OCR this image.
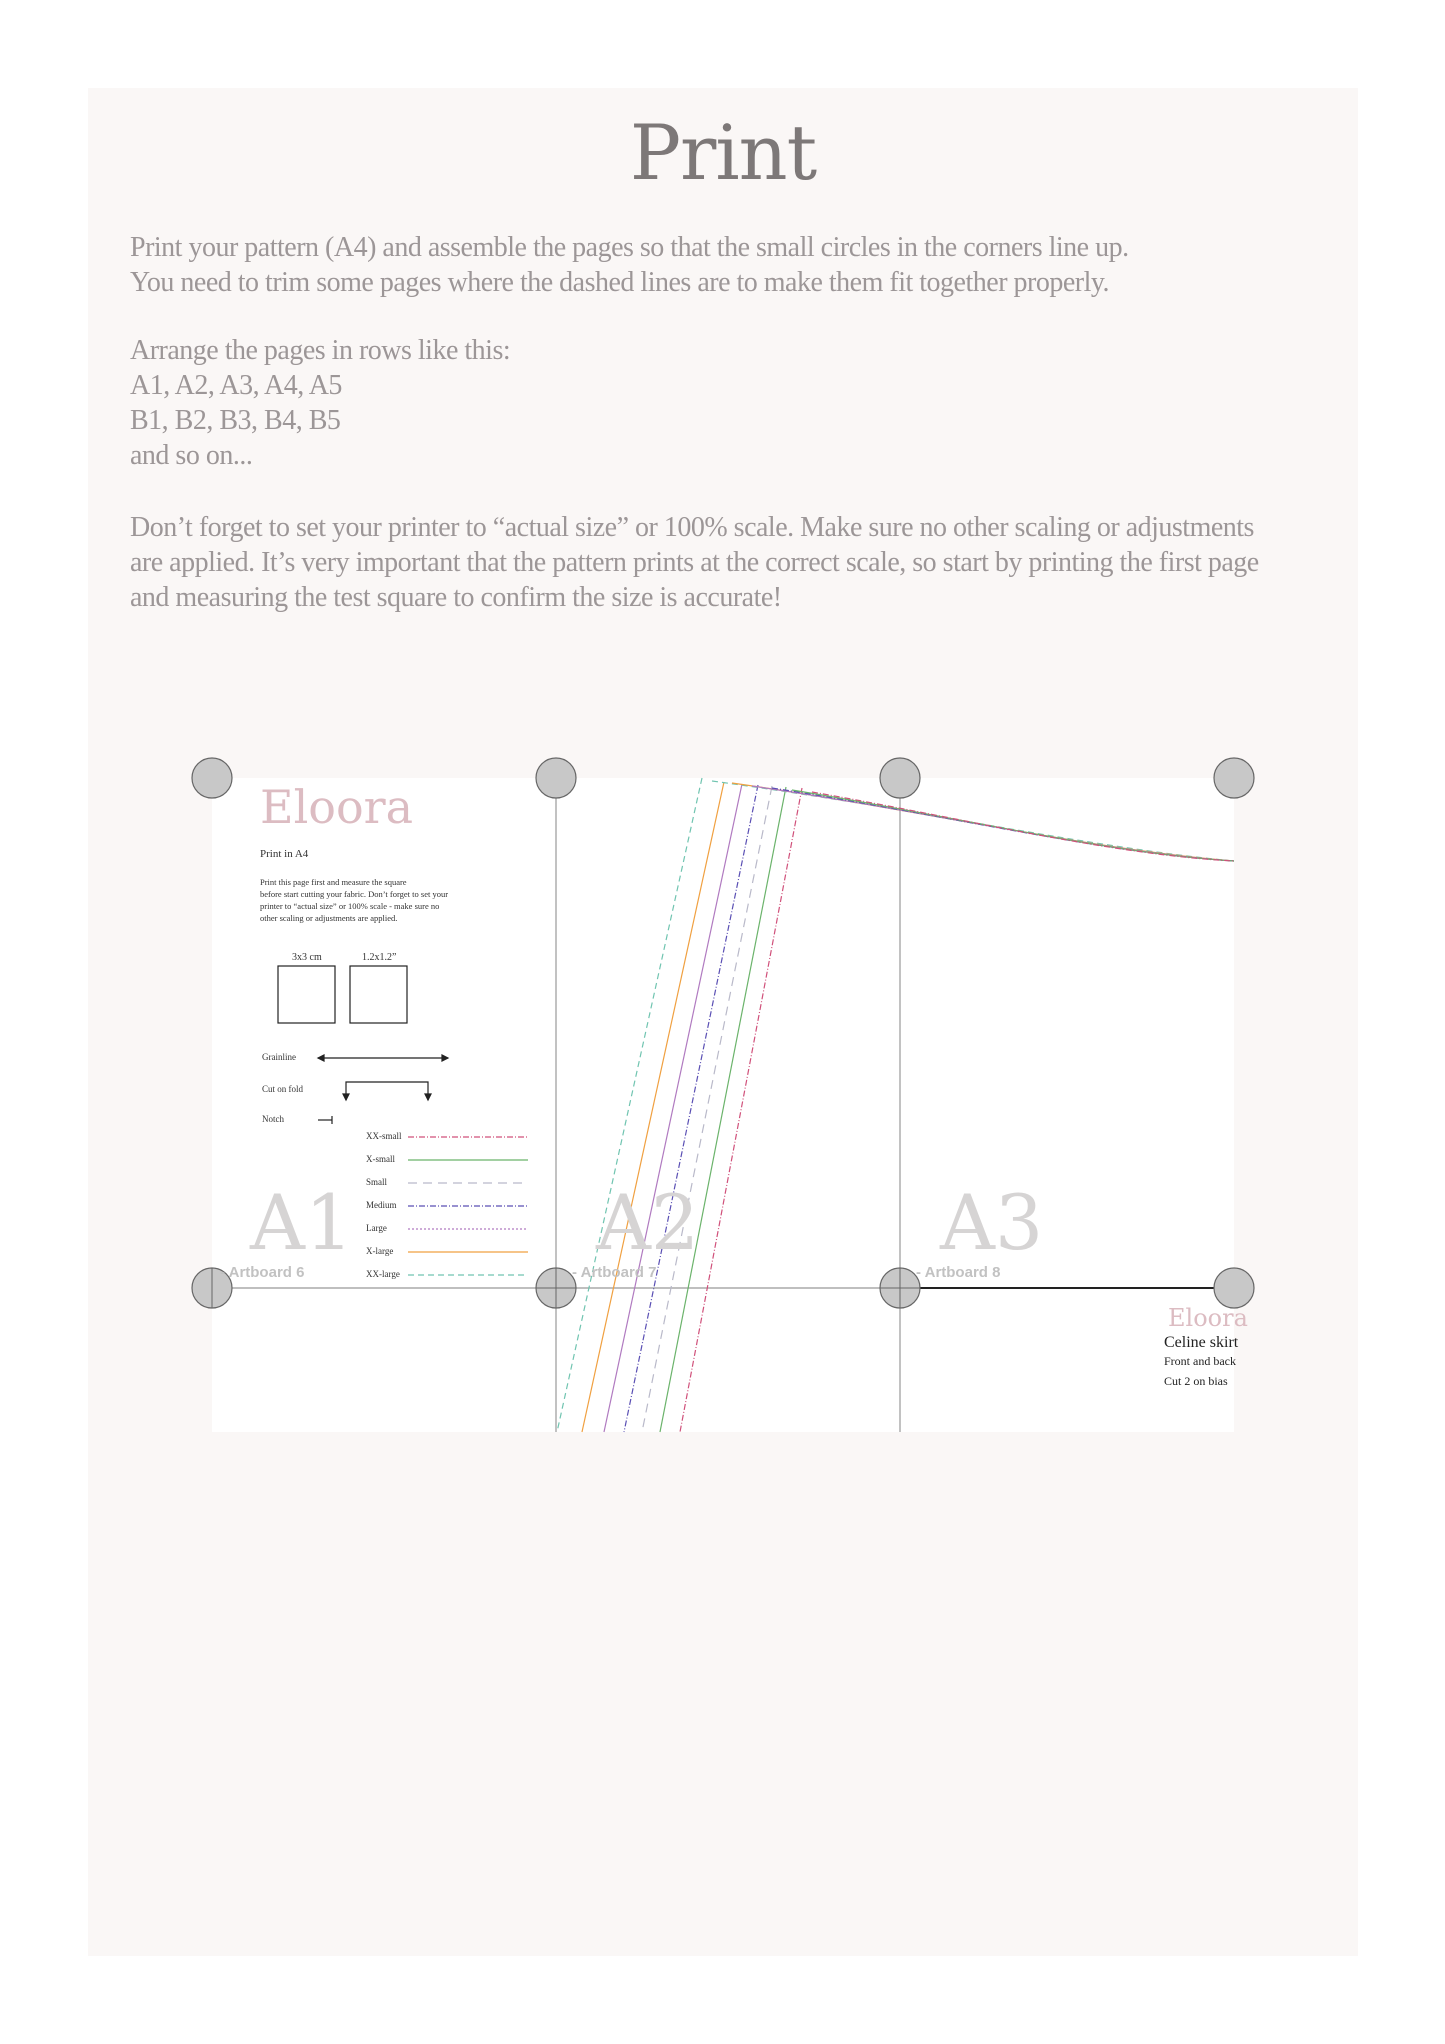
Print
Print your pattern (A4) and assemble the pages so that the small circles in the corners line up.
You need to trim some pages where the dashed lines are to make them fit together properly.
Arrange the pages in rows like this:
A1, A2, A3, A4, A5
B1, B2, B3, B4, B5
and so on...
Don’t forget to set your printer to “actual size” or 100% scale. Make sure no other scaling or adjustments
are applied. It’s very important that the pattern prints at the correct scale, so start by printing the first page
and measuring the test square to confirm the size is accurate!
Eloora
Print in A4
Print this page first and measure the square
before start cutting your fabric. Don’t forget to set your
printer to “actual size” or 100% scale - make sure no
other scaling or adjustments are applied.
3x3 cm	1.2x1.2”
Grainline
Cut on fold
Notch
XX-small
X-small
Small
Medium
Large
X-large
XX-large
A1	A2	A3
- Artboard 6	- Artboard 7	- Artboard 8
Eloora
Celine skirt
Front and back
Cut 2 on bias
